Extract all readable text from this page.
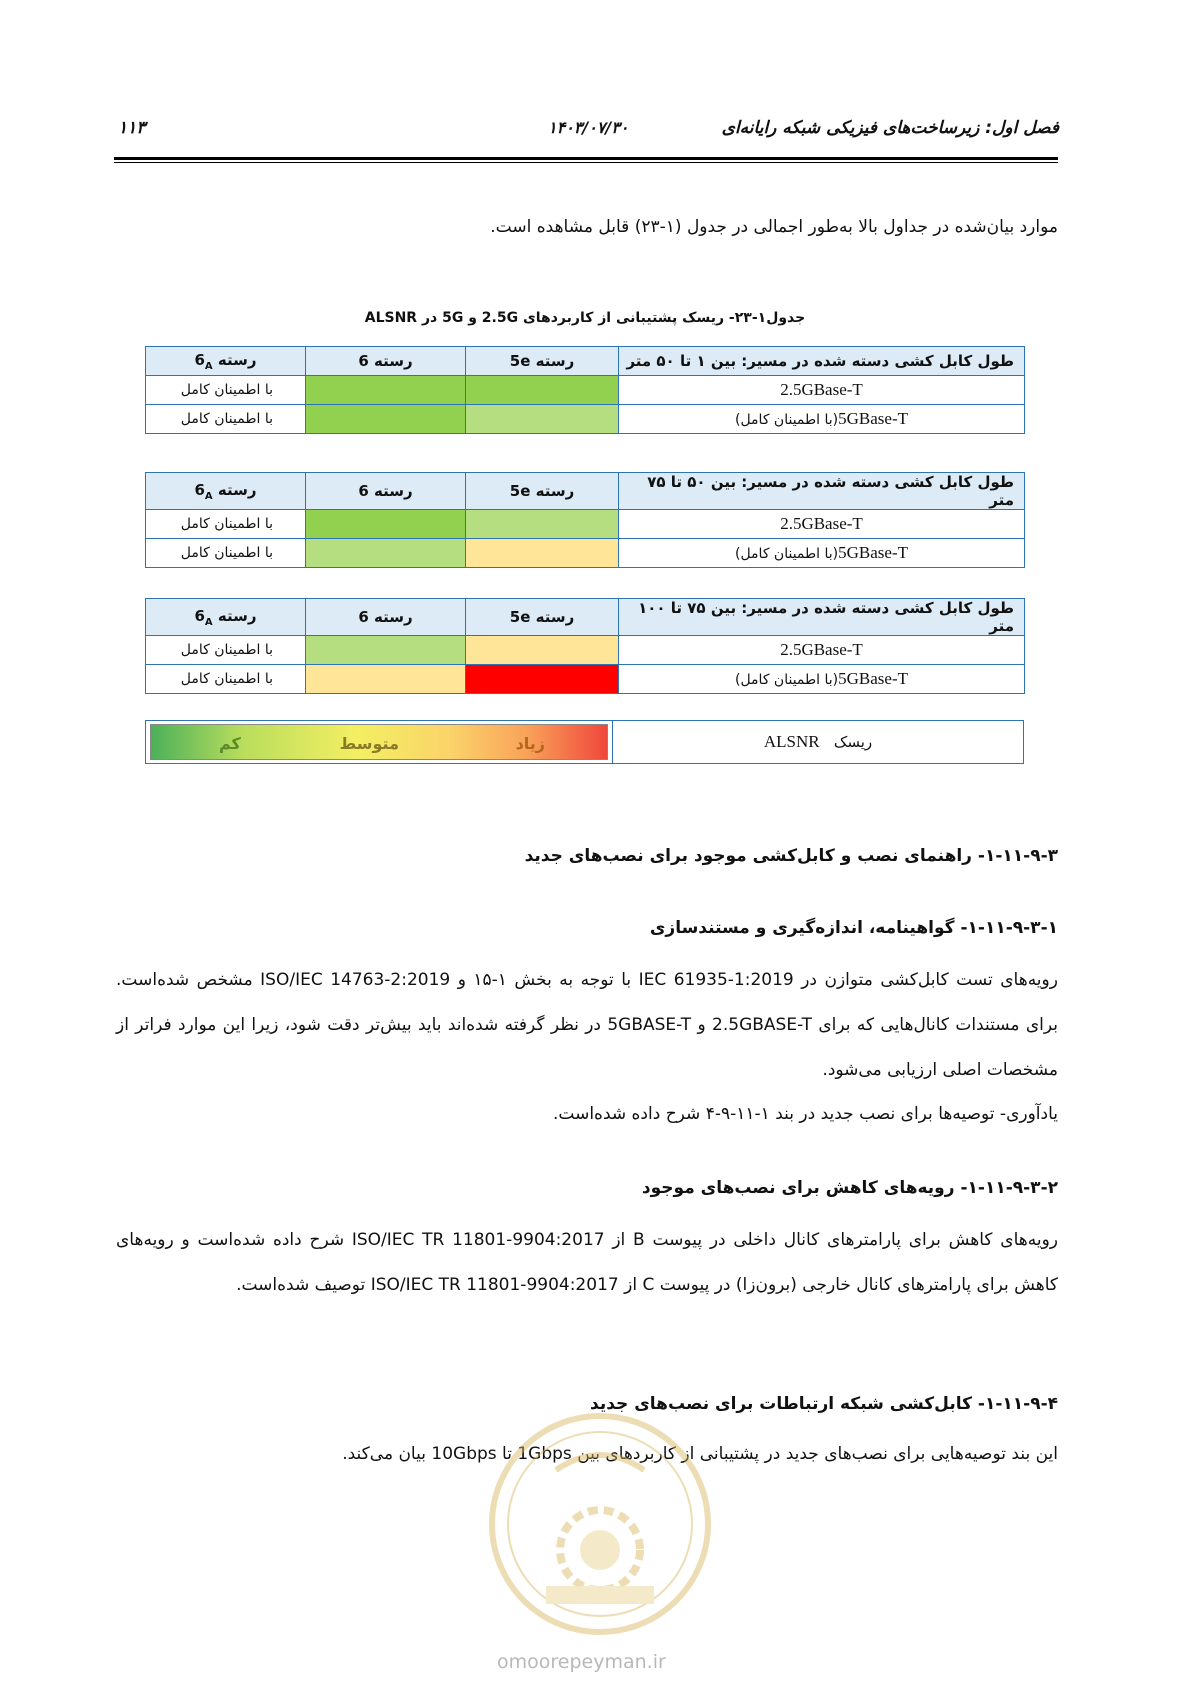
فصل اول: زیرساخت‌های فیزیکی شبکه رایانه‌ای
۱۴۰۳/۰۷/۳۰
۱۱۳
موارد بیان‌شده در جداول بالا به‌طور اجمالی در جدول (۱-۲۳) قابل مشاهده است.
جدول۱-۲۳- ریسک پشتیبانی از کاربردهای 2.5G و 5G در ALSNR
طول کابل کشی دسته شده در مسیر: بین ۱ تا ۵۰ متر	رسته 5e	رسته 6	رسته $6_A$
2.5GBase-T			با اطمینان کامل
5GBase-T(با اطمینان کامل)			با اطمینان کامل
طول کابل کشی دسته شده در مسیر: بین ۵۰ تا ۷۵ متر	رسته 5e	رسته 6	رسته $6_A$
2.5GBase-T			با اطمینان کامل
5GBase-T(با اطمینان کامل)			با اطمینان کامل
طول کابل کشی دسته شده در مسیر: بین ۷۵ تا ۱۰۰ متر	رسته 5e	رسته 6	رسته $6_A$
2.5GBase-T			با اطمینان کامل
5GBase-T(با اطمینان کامل)			با اطمینان کامل
ریسک   ALSNR
زیاد
متوسط
کم
۱-۱۱-۹-۳- راهنمای نصب و کابل‌کشی موجود برای نصب‌های جدید
۱-۱۱-۹-۳-۱- گواهینامه، اندازه‌گیری و مستندسازی
رویه‌های تست کابل‌کشی متوازن در IEC 61935-1:2019 با توجه به بخش ۱-۱۵ و ISO/IEC 14763-2:2019 مشخص شده‌است. برای مستندات کانال‌هایی که برای 2.5GBASE-T و 5GBASE-T در نظر گرفته شده‌اند باید بیش‌تر دقت شود، زیرا این موارد فراتر از مشخصات اصلی ارزیابی می‌شود.
یادآوری- توصیه‌ها برای نصب جدید در بند ۱-۱۱-۹-۴ شرح داده شده‌است.
۱-۱۱-۹-۳-۲- رویه‌های کاهش برای نصب‌های موجود
رویه‌های کاهش برای پارامترهای کانال داخلی در پیوست B از ISO/IEC TR 11801-9904:2017 شرح داده شده‌است و رویه‌های کاهش برای پارامترهای کانال خارجی (برون‌زا) در پیوست C از ISO/IEC TR 11801-9904:2017 توصیف شده‌است.
۱-۱۱-۹-۴- کابل‌کشی شبکه ارتباطات برای نصب‌های جدید
این بند توصیه‌هایی برای نصب‌های جدید در پشتیبانی از کاربردهای بین 1Gbps تا 10Gbps بیان می‌کند.
omoorepeyman.ir
